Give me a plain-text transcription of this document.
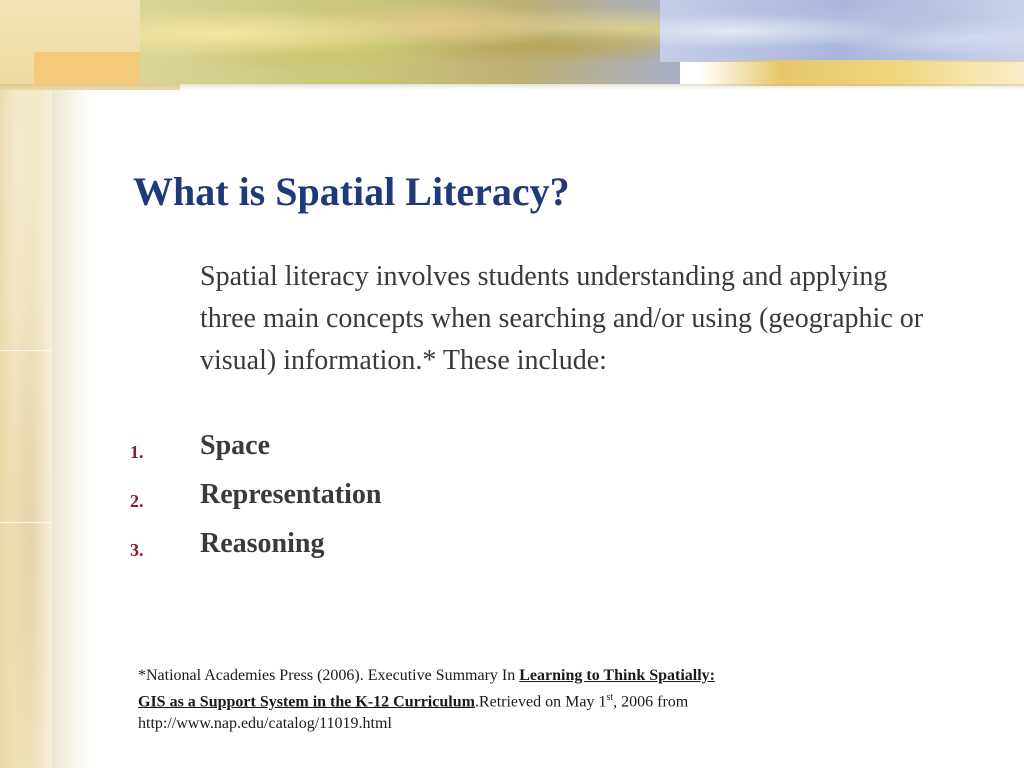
What is Spatial Literacy?

Spatial literacy involves students understanding and applying three main concepts when searching and/or using (geographic or visual) information.* These include:

1. Space
2. Representation
3. Reasoning
*National Academies Press (2006). Executive Summary In Learning to Think Spatially:
GIS as a Support System in the K-12 Curriculum.Retrieved on May 1st, 2006 from
http://www.nap.edu/catalog/11019.html
